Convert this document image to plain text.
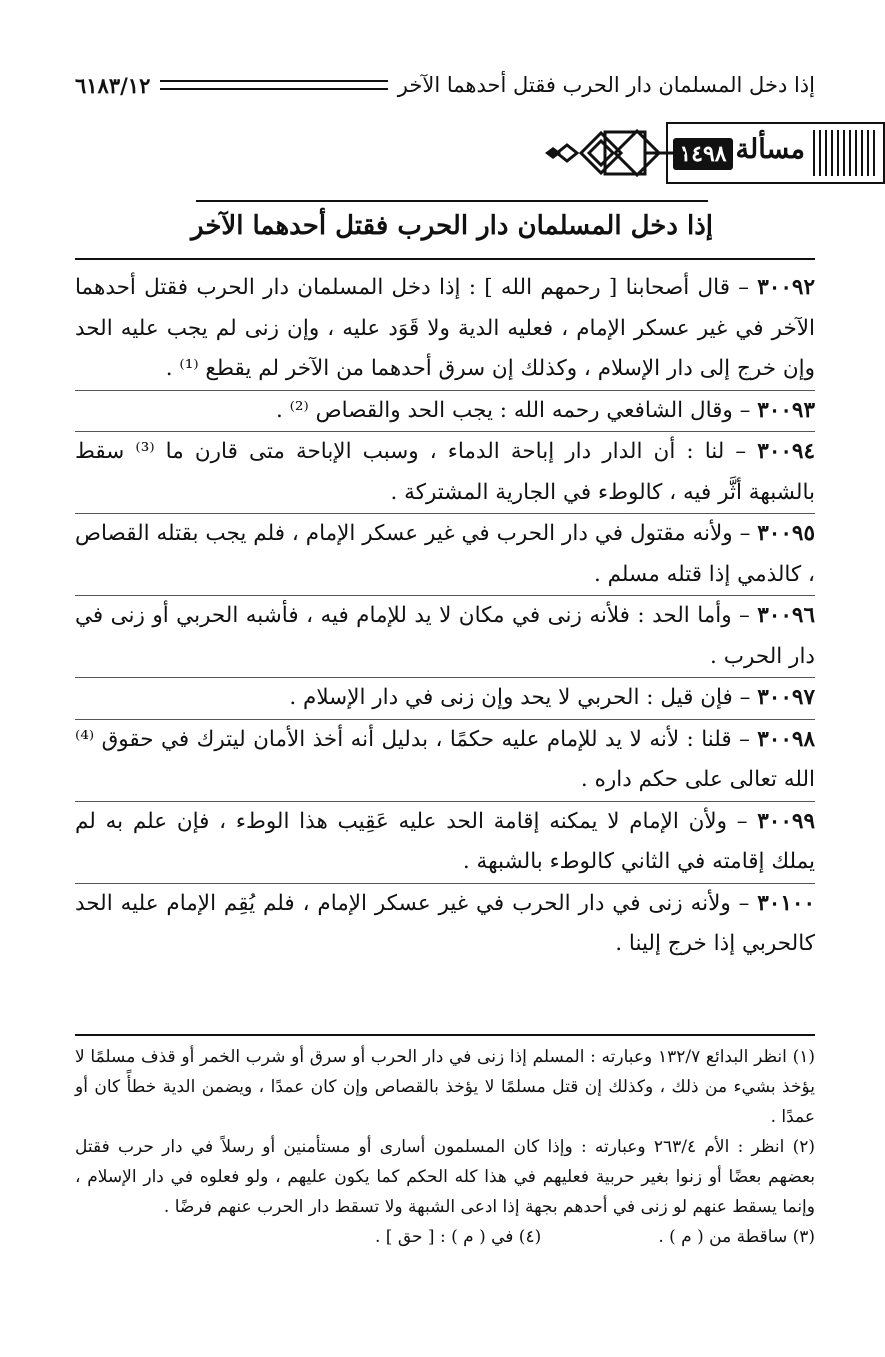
إذا دخل المسلمان دار الحرب فقتل أحدهما الآخر
٦١٨٣/١٢
مسألة
١٤٩٨
إذا دخل المسلمان دار الحرب فقتل أحدهما الآخر

٣٠٠٩٢ – قال أصحابنا [ رحمهم الله ] : إذا دخل المسلمان دار الحرب فقتل أحدهما الآخر في غير عسكر الإمام ، فعليه الدية ولا قَوَد عليه ، وإن زنى لم يجب عليه الحد وإن خرج إلى دار الإسلام ، وكذلك إن سرق أحدهما من الآخر لم يقطع ⁽¹⁾ .

٣٠٠٩٣ – وقال الشافعي رحمه الله : يجب الحد والقصاص ⁽²⁾ .

٣٠٠٩٤ – لنا : أن الدار دار إباحة الدماء ، وسبب الإباحة متى قارن ما ⁽³⁾ سقط بالشبهة أثَّر فيه ، كالوطء في الجارية المشتركة .

٣٠٠٩٥ – ولأنه مقتول في دار الحرب في غير عسكر الإمام ، فلم يجب بقتله القصاص ، كالذمي إذا قتله مسلم .

٣٠٠٩٦ – وأما الحد : فلأنه زنى في مكان لا يد للإمام فيه ، فأشبه الحربي أو زنى في دار الحرب .

٣٠٠٩٧ – فإن قيل : الحربي لا يحد وإن زنى في دار الإسلام .

٣٠٠٩٨ – قلنا : لأنه لا يد للإمام عليه حكمًا ، بدليل أنه أخذ الأمان ليترك في حقوق ⁽⁴⁾ الله تعالى على حكم داره .

٣٠٠٩٩ – ولأن الإمام لا يمكنه إقامة الحد عليه عَقِيب هذا الوطء ، فإن علم به لم يملك إقامته في الثاني كالوطء بالشبهة .

٣٠١٠٠ – ولأنه زنى في دار الحرب في غير عسكر الإمام ، فلم يُقِم الإمام عليه الحد كالحربي إذا خرج إلينا .

(١) انظر البدائع ١٣٢/٧ وعبارته : المسلم إذا زنى في دار الحرب أو سرق أو شرب الخمر أو قذف مسلمًا لا يؤخذ بشيء من ذلك ، وكذلك إن قتل مسلمًا لا يؤخذ بالقصاص وإن كان عمدًا ، ويضمن الدية خطأً كان أو عمدًا .

(٢) انظر : الأم ٢٦٣/٤ وعبارته : وإذا كان المسلمون أسارى أو مستأمنين أو رسلاً في دار حرب فقتل بعضهم بعضًا أو زنوا بغير حربية فعليهم في هذا كله الحكم كما يكون عليهم ، ولو فعلوه في دار الإسلام ، وإنما يسقط عنهم لو زنى في أحدهم بجهة إذا ادعى الشبهة ولا تسقط دار الحرب عنهم فرضًا .

(٣) ساقطة من ( م ) .
(٤) في ( م ) : [ حق ] .
